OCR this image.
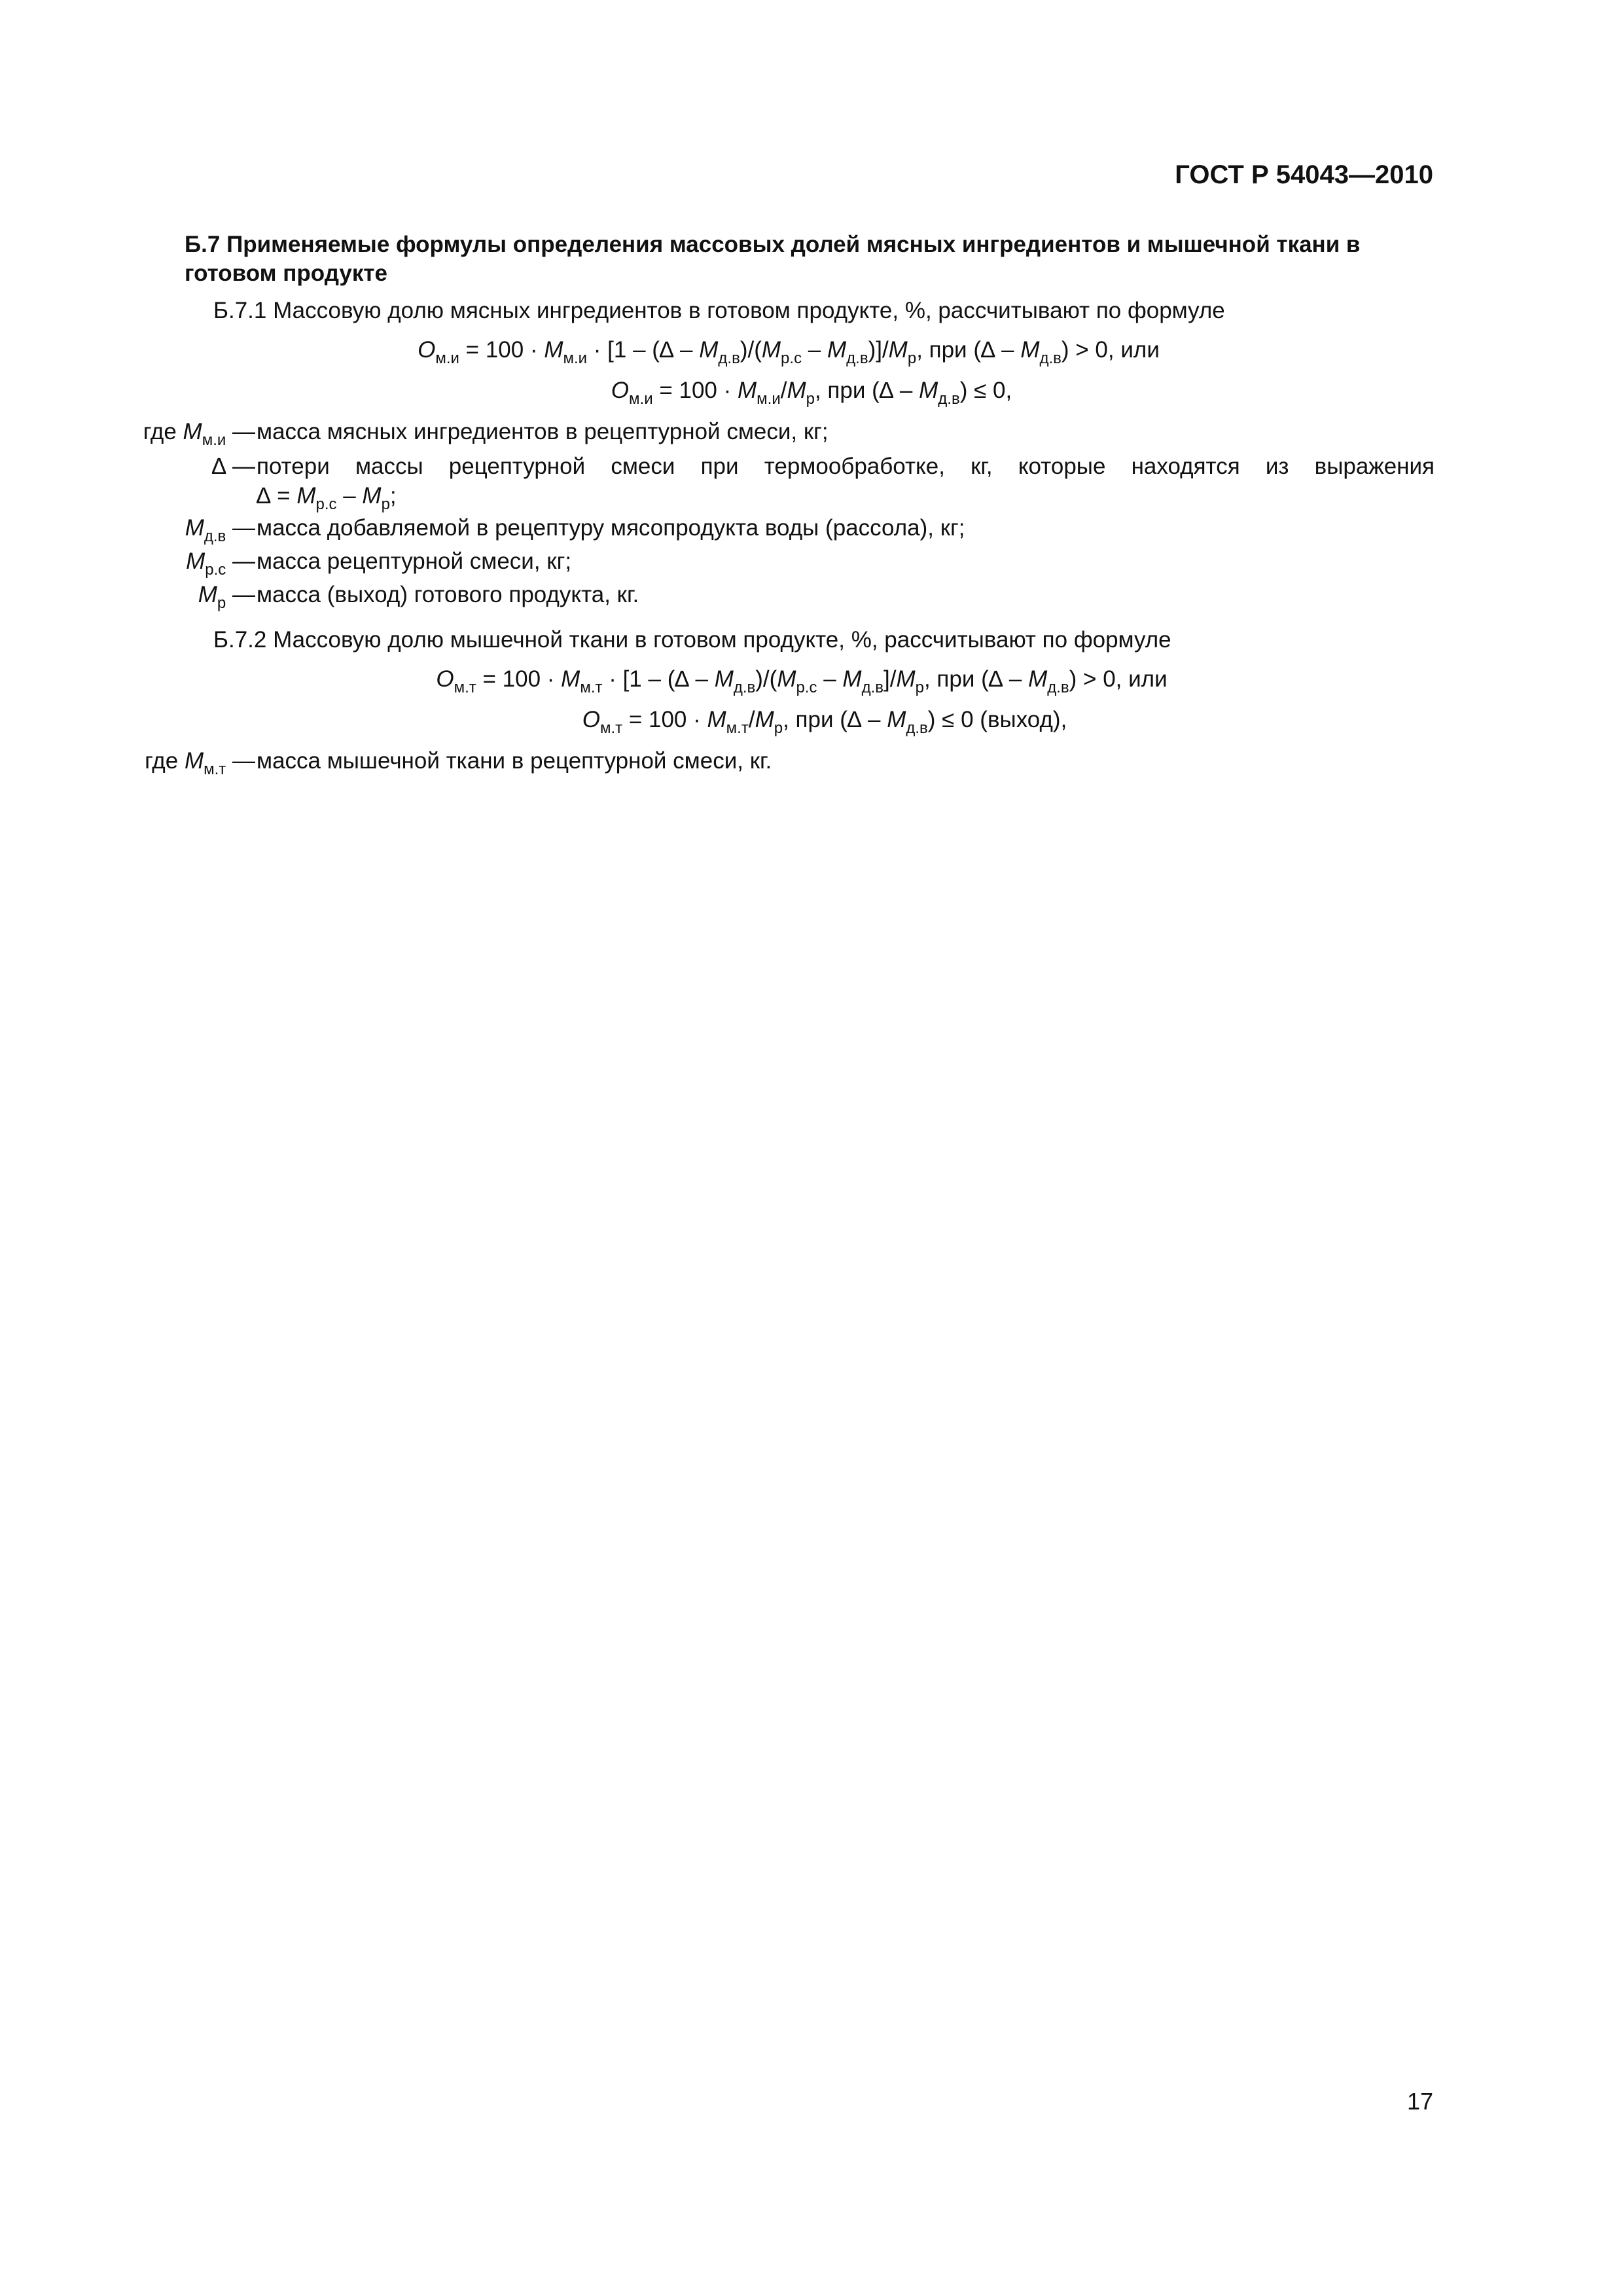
ГОСТ Р 54043—2010
Б.7 Применяемые формулы определения массовых долей мясных ингредиентов и мышечной ткани в готовом продукте
Б.7.1 Массовую долю мясных ингредиентов в готовом продукте, %, рассчитывают по формуле
$О_{м.и} = 100 \cdot М_{м.и} \cdot [1$ – (∆ – $М_{д.в})/(М_{р.с} - М_{д.в})]/М_р$, при (∆ – $М_{д.в}) > 0$, или
$О_{м.и} = 100 \cdot М_{м.и}/М_р$, при (∆ – $М_{д.в}) \le 0$,
где $М_{м.и}$ — масса мясных ингредиентов в рецептурной смеси, кг;
∆ — потери массы рецептурной смеси при термообработке, кг, которые находятся из выражения
∆ = $М_{р.с} - М_р$;
$М_{д.в}$ — масса добавляемой в рецептуру мясопродукта воды (рассола), кг;
$М_{р.с}$ — масса рецептурной смеси, кг;
$М_р$ — масса (выход) готового продукта, кг.
Б.7.2 Массовую долю мышечной ткани в готовом продукте, %, рассчитывают по формуле
$О_{м.т} = 100 \cdot М_{м.т} \cdot [1$ – (∆ – $М_{д.в})/(М_{р.с} - М_{д.в}]/М_р$, при (∆ – $М_{д.в}) > 0$, или
$О_{м.т} = 100 \cdot М_{м.т}/М_р$, при (∆ – $М_{д.в}) \le 0$ (выход),
где $М_{м.т}$ — масса мышечной ткани в рецептурной смеси, кг.
17
